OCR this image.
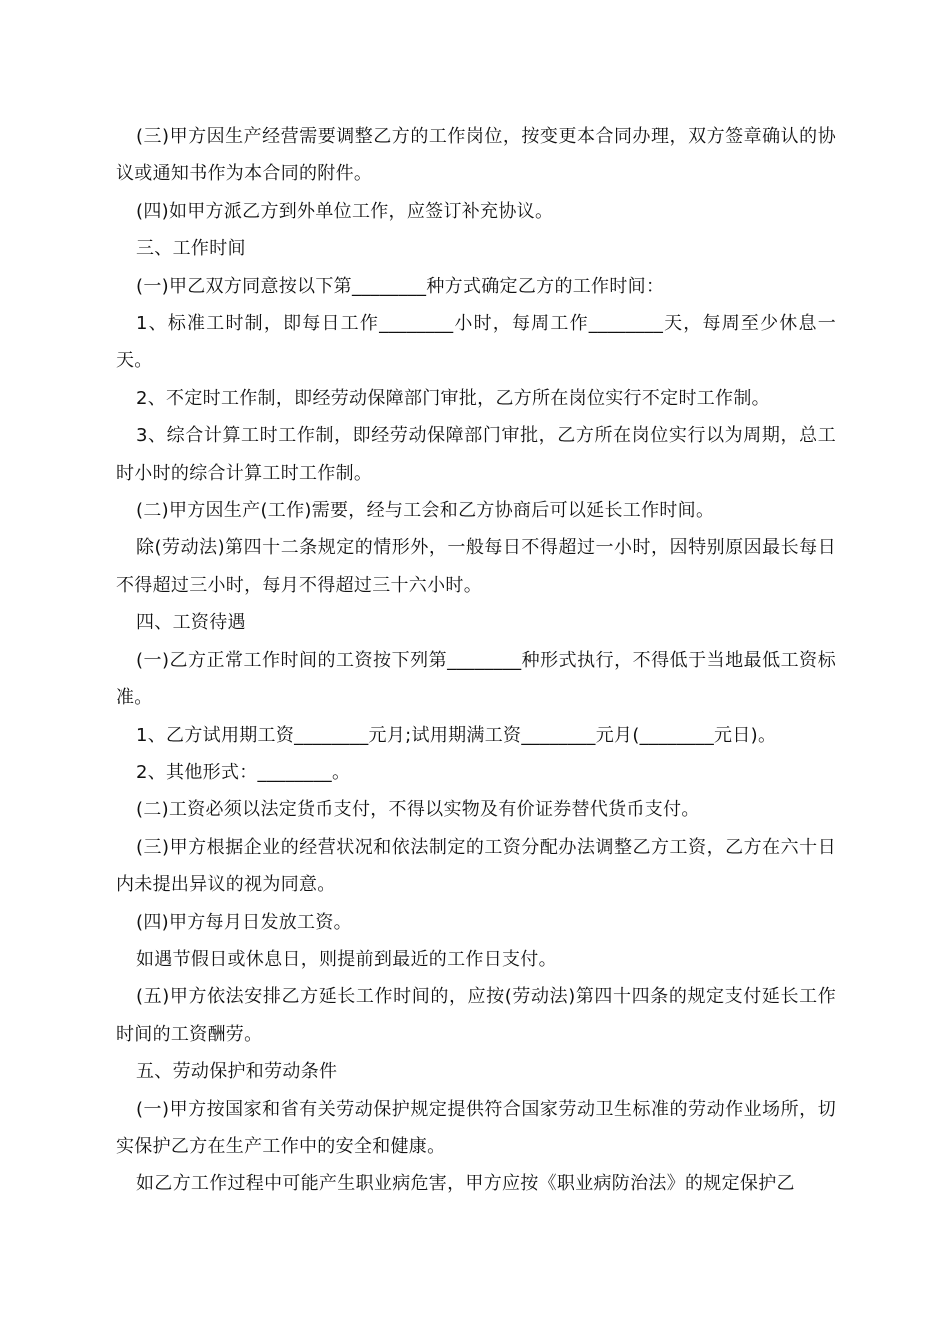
(三)甲方因生产经营需要调整乙方的工作岗位，按变更本合同办理，双方签章确认的协议或通知书作为本合同的附件。

(四)如甲方派乙方到外单位工作，应签订补充协议。

三、工作时间

(一)甲乙双方同意按以下第________种方式确定乙方的工作时间：

1、标准工时制，即每日工作________小时，每周工作________天，每周至少休息一天。

2、不定时工作制，即经劳动保障部门审批，乙方所在岗位实行不定时工作制。

3、综合计算工时工作制，即经劳动保障部门审批，乙方所在岗位实行以为周期，总工时小时的综合计算工时工作制。

(二)甲方因生产(工作)需要，经与工会和乙方协商后可以延长工作时间。

除(劳动法)第四十二条规定的情形外，一般每日不得超过一小时，因特别原因最长每日不得超过三小时，每月不得超过三十六小时。

四、工资待遇

(一)乙方正常工作时间的工资按下列第________种形式执行，不得低于当地最低工资标准。

1、乙方试用期工资________元月;试用期满工资________元月(________元日)。

2、其他形式：________。

(二)工资必须以法定货币支付，不得以实物及有价证券替代货币支付。

(三)甲方根据企业的经营状况和依法制定的工资分配办法调整乙方工资，乙方在六十日内未提出异议的视为同意。

(四)甲方每月日发放工资。

如遇节假日或休息日，则提前到最近的工作日支付。

(五)甲方依法安排乙方延长工作时间的，应按(劳动法)第四十四条的规定支付延长工作时间的工资酬劳。

五、劳动保护和劳动条件

(一)甲方按国家和省有关劳动保护规定提供符合国家劳动卫生标准的劳动作业场所，切实保护乙方在生产工作中的安全和健康。

如乙方工作过程中可能产生职业病危害，甲方应按《职业病防治法》的规定保护乙
